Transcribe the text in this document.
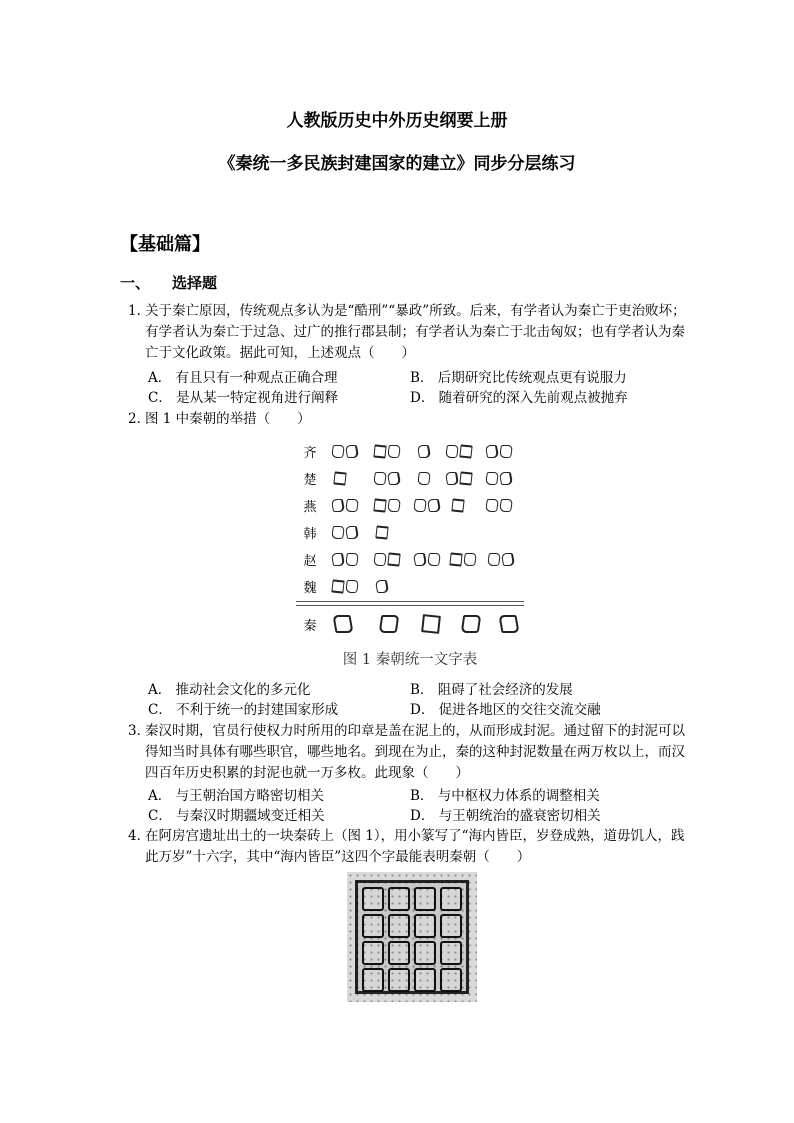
人教版历史中外历史纲要上册
《秦统一多民族封建国家的建立》同步分层练习
【基础篇】
一、 选择题
1．
关于秦亡原因，传统观点多认为是“酷刑”“暴政”所致。后来，有学者认为秦亡于吏治败坏；有学者认为秦亡于过急、过广的推行郡县制；有学者认为秦亡于北击匈奴；也有学者认为秦亡于文化政策。据此可知，上述观点（　　）
A． 有且只有一种观点正确合理	B． 后期研究比传统观点更有说服力
C． 是从某一特定视角进行阐释	D． 随着研究的深入先前观点被抛弃
2．
图 1 中秦朝的举措（　　）
齐
楚
燕
韩
赵
魏
秦
图 1 秦朝统一文字表
A． 推动社会文化的多元化	B． 阻碍了社会经济的发展
C． 不利于统一的封建国家形成	D． 促进各地区的交往交流交融
3．
秦汉时期，官员行使权力时所用的印章是盖在泥上的，从而形成封泥。通过留下的封泥可以得知当时具体有哪些职官，哪些地名。到现在为止，秦的这种封泥数量在两万枚以上，而汉四百年历史积累的封泥也就一万多枚。此现象（　　）
A． 与王朝治国方略密切相关	B． 与中枢权力体系的调整相关
C． 与秦汉时期疆域变迁相关	D． 与王朝统治的盛衰密切相关
4．
在阿房宫遗址出土的一块秦砖上（图 1），用小篆写了“海内皆臣，岁登成熟，道毋饥人，践此万岁”十六字，其中“海内皆臣”这四个字最能表明秦朝（　　）
